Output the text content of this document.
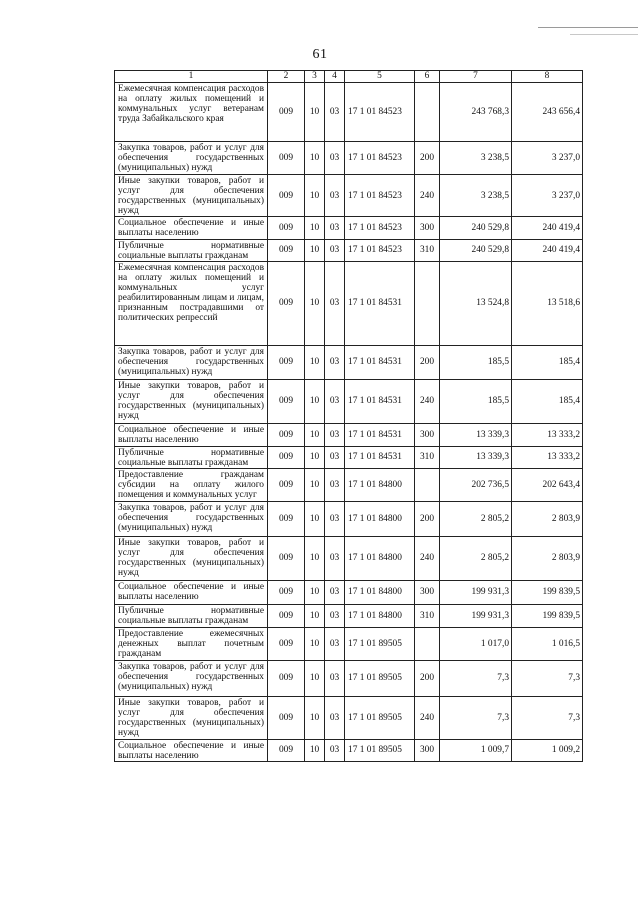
61
1	2	3	4	5	6	7	8
Ежемесячная компенсация расходов на оплату жилых помещений и коммунальных услуг ветеранам труда Забайкальского края	009	10	03	17 1 01 84523		243 768,3	243 656,4
Закупка товаров, работ и услуг для обеспечения государственных (муниципальных) нужд	009	10	03	17 1 01 84523	200	3 238,5	3 237,0
Иные закупки товаров, работ и услуг для обеспечения государственных (муниципальных) нужд	009	10	03	17 1 01 84523	240	3 238,5	3 237,0
Социальное обеспечение и иные выплаты населению	009	10	03	17 1 01 84523	300	240 529,8	240 419,4
Публичные нормативные социальные выплаты гражданам	009	10	03	17 1 01 84523	310	240 529,8	240 419,4
Ежемесячная компенсация расходов на оплату жилых помещений и коммунальных услуг реабилитированным лицам и лицам, признанным пострадавшими от политических репрессий	009	10	03	17 1 01 84531		13 524,8	13 518,6
Закупка товаров, работ и услуг для обеспечения государственных (муниципальных) нужд	009	10	03	17 1 01 84531	200	185,5	185,4
Иные закупки товаров, работ и услуг для обеспечения государственных (муниципальных) нужд	009	10	03	17 1 01 84531	240	185,5	185,4
Социальное обеспечение и иные выплаты населению	009	10	03	17 1 01 84531	300	13 339,3	13 333,2
Публичные нормативные социальные выплаты гражданам	009	10	03	17 1 01 84531	310	13 339,3	13 333,2
Предоставление гражданам субсидии на оплату жилого помещения и коммунальных услуг	009	10	03	17 1 01 84800		202 736,5	202 643,4
Закупка товаров, работ и услуг для обеспечения государственных (муниципальных) нужд	009	10	03	17 1 01 84800	200	2 805,2	2 803,9
Иные закупки товаров, работ и услуг для обеспечения государственных (муниципальных) нужд	009	10	03	17 1 01 84800	240	2 805,2	2 803,9
Социальное обеспечение и иные выплаты населению	009	10	03	17 1 01 84800	300	199 931,3	199 839,5
Публичные нормативные социальные выплаты гражданам	009	10	03	17 1 01 84800	310	199 931,3	199 839,5
Предоставление ежемесячных денежных выплат почетным гражданам	009	10	03	17 1 01 89505		1 017,0	1 016,5
Закупка товаров, работ и услуг для обеспечения государственных (муниципальных) нужд	009	10	03	17 1 01 89505	200	7,3	7,3
Иные закупки товаров, работ и услуг для обеспечения государственных (муниципальных) нужд	009	10	03	17 1 01 89505	240	7,3	7,3
Социальное обеспечение и иные выплаты населению	009	10	03	17 1 01 89505	300	1 009,7	1 009,2
